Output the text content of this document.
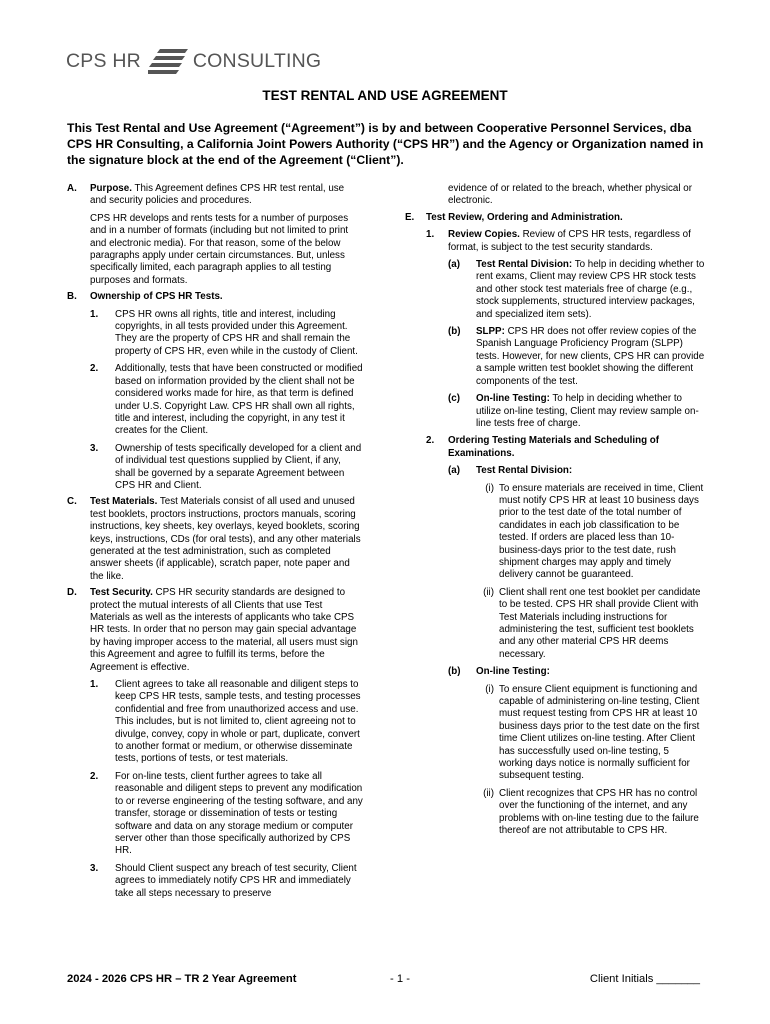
CPS HR	CONSULTING
TEST RENTAL AND USE AGREEMENT
This Test Rental and Use Agreement (“Agreement”) is by and between Cooperative Personnel Services, dba CPS HR Consulting, a California Joint Powers Authority (“CPS HR”) and the Agency or Organization named in the signature block at the end of the Agreement (“Client”).
A.	Purpose. This Agreement defines CPS HR test rental, use and security policies and procedures.
CPS HR develops and rents tests for a number of purposes and in a number of formats (including but not limited to print and electronic media). For that reason, some of the below paragraphs apply under certain circumstances. But, unless specifically limited, each paragraph applies to all testing purposes and formats.
B.	Ownership of CPS HR Tests.
1.	CPS HR owns all rights, title and interest, including copyrights, in all tests provided under this Agreement. They are the property of CPS HR and shall remain the property of CPS HR, even while in the custody of Client.
2.	Additionally, tests that have been constructed or modified based on information provided by the client shall not be considered works made for hire, as that term is defined under U.S. Copyright Law. CPS HR shall own all rights, title and interest, including the copyright, in any test it creates for the Client.
3.	Ownership of tests specifically developed for a client and of individual test questions supplied by Client, if any, shall be governed by a separate Agreement between CPS HR and Client.
C.	Test Materials. Test Materials consist of all used and unused test booklets, proctors instructions, proctors manuals, scoring instructions, key sheets, key overlays, keyed booklets, scoring keys, instructions, CDs (for oral tests), and any other materials generated at the test administration, such as completed answer sheets (if applicable), scratch paper, note paper and the like.
D.	Test Security. CPS HR security standards are designed to protect the mutual interests of all Clients that use Test Materials as well as the interests of applicants who take CPS HR tests. In order that no person may gain special advantage by having improper access to the material, all users must sign this Agreement and agree to fulfill its terms, before the Agreement is effective.
1.	Client agrees to take all reasonable and diligent steps to keep CPS HR tests, sample tests, and testing processes confidential and free from unauthorized access and use. This includes, but is not limited to, client agreeing not to divulge, convey, copy in whole or part, duplicate, convert to another format or medium, or otherwise disseminate tests, portions of tests, or test materials.
2.	For on-line tests, client further agrees to take all reasonable and diligent steps to prevent any modification to or reverse engineering of the testing software, and any transfer, storage or dissemination of tests or testing software and data on any storage medium or computer server other than those specifically authorized by CPS HR.
3.	Should Client suspect any breach of test security, Client agrees to immediately notify CPS HR and immediately take all steps necessary to preserve
evidence of or related to the breach, whether physical or electronic.
E.	Test Review, Ordering and Administration.
1.	Review Copies. Review of CPS HR tests, regardless of format, is subject to the test security standards.
(a)	Test Rental Division: To help in deciding whether to rent exams, Client may review CPS HR stock tests and other stock test materials free of charge (e.g., stock supplements, structured interview packages, and specialized item sets).
(b)	SLPP: CPS HR does not offer review copies of the Spanish Language Proficiency Program (SLPP) tests. However, for new clients, CPS HR can provide a sample written test booklet showing the different components of the test.
(c)	On-line Testing: To help in deciding whether to utilize on-line testing, Client may review sample on-line tests free of charge.
2.	Ordering Testing Materials and Scheduling of Examinations.
(a)	Test Rental Division:
(i) To ensure materials are received in time, Client must notify CPS HR at least 10 business days prior to the test date of the total number of candidates in each job classification to be tested. If orders are placed less than 10-business-days prior to the test date, rush shipment charges may apply and timely delivery cannot be guaranteed.
(ii) Client shall rent one test booklet per candidate to be tested. CPS HR shall provide Client with Test Materials including instructions for administering the test, sufficient test booklets and any other material CPS HR deems necessary.
(b)	On-line Testing:
(i) To ensure Client equipment is functioning and capable of administering on-line testing, Client must request testing from CPS HR at least 10 business days prior to the test date on the first time Client utilizes on-line testing. After Client has successfully used on-line testing, 5 working days notice is normally sufficient for subsequent testing.
(ii) Client recognizes that CPS HR has no control over the functioning of the internet, and any problems with on-line testing due to the failure thereof are not attributable to CPS HR.
2024 - 2026 CPS HR – TR 2 Year Agreement	- 1 -	Client Initials _______
